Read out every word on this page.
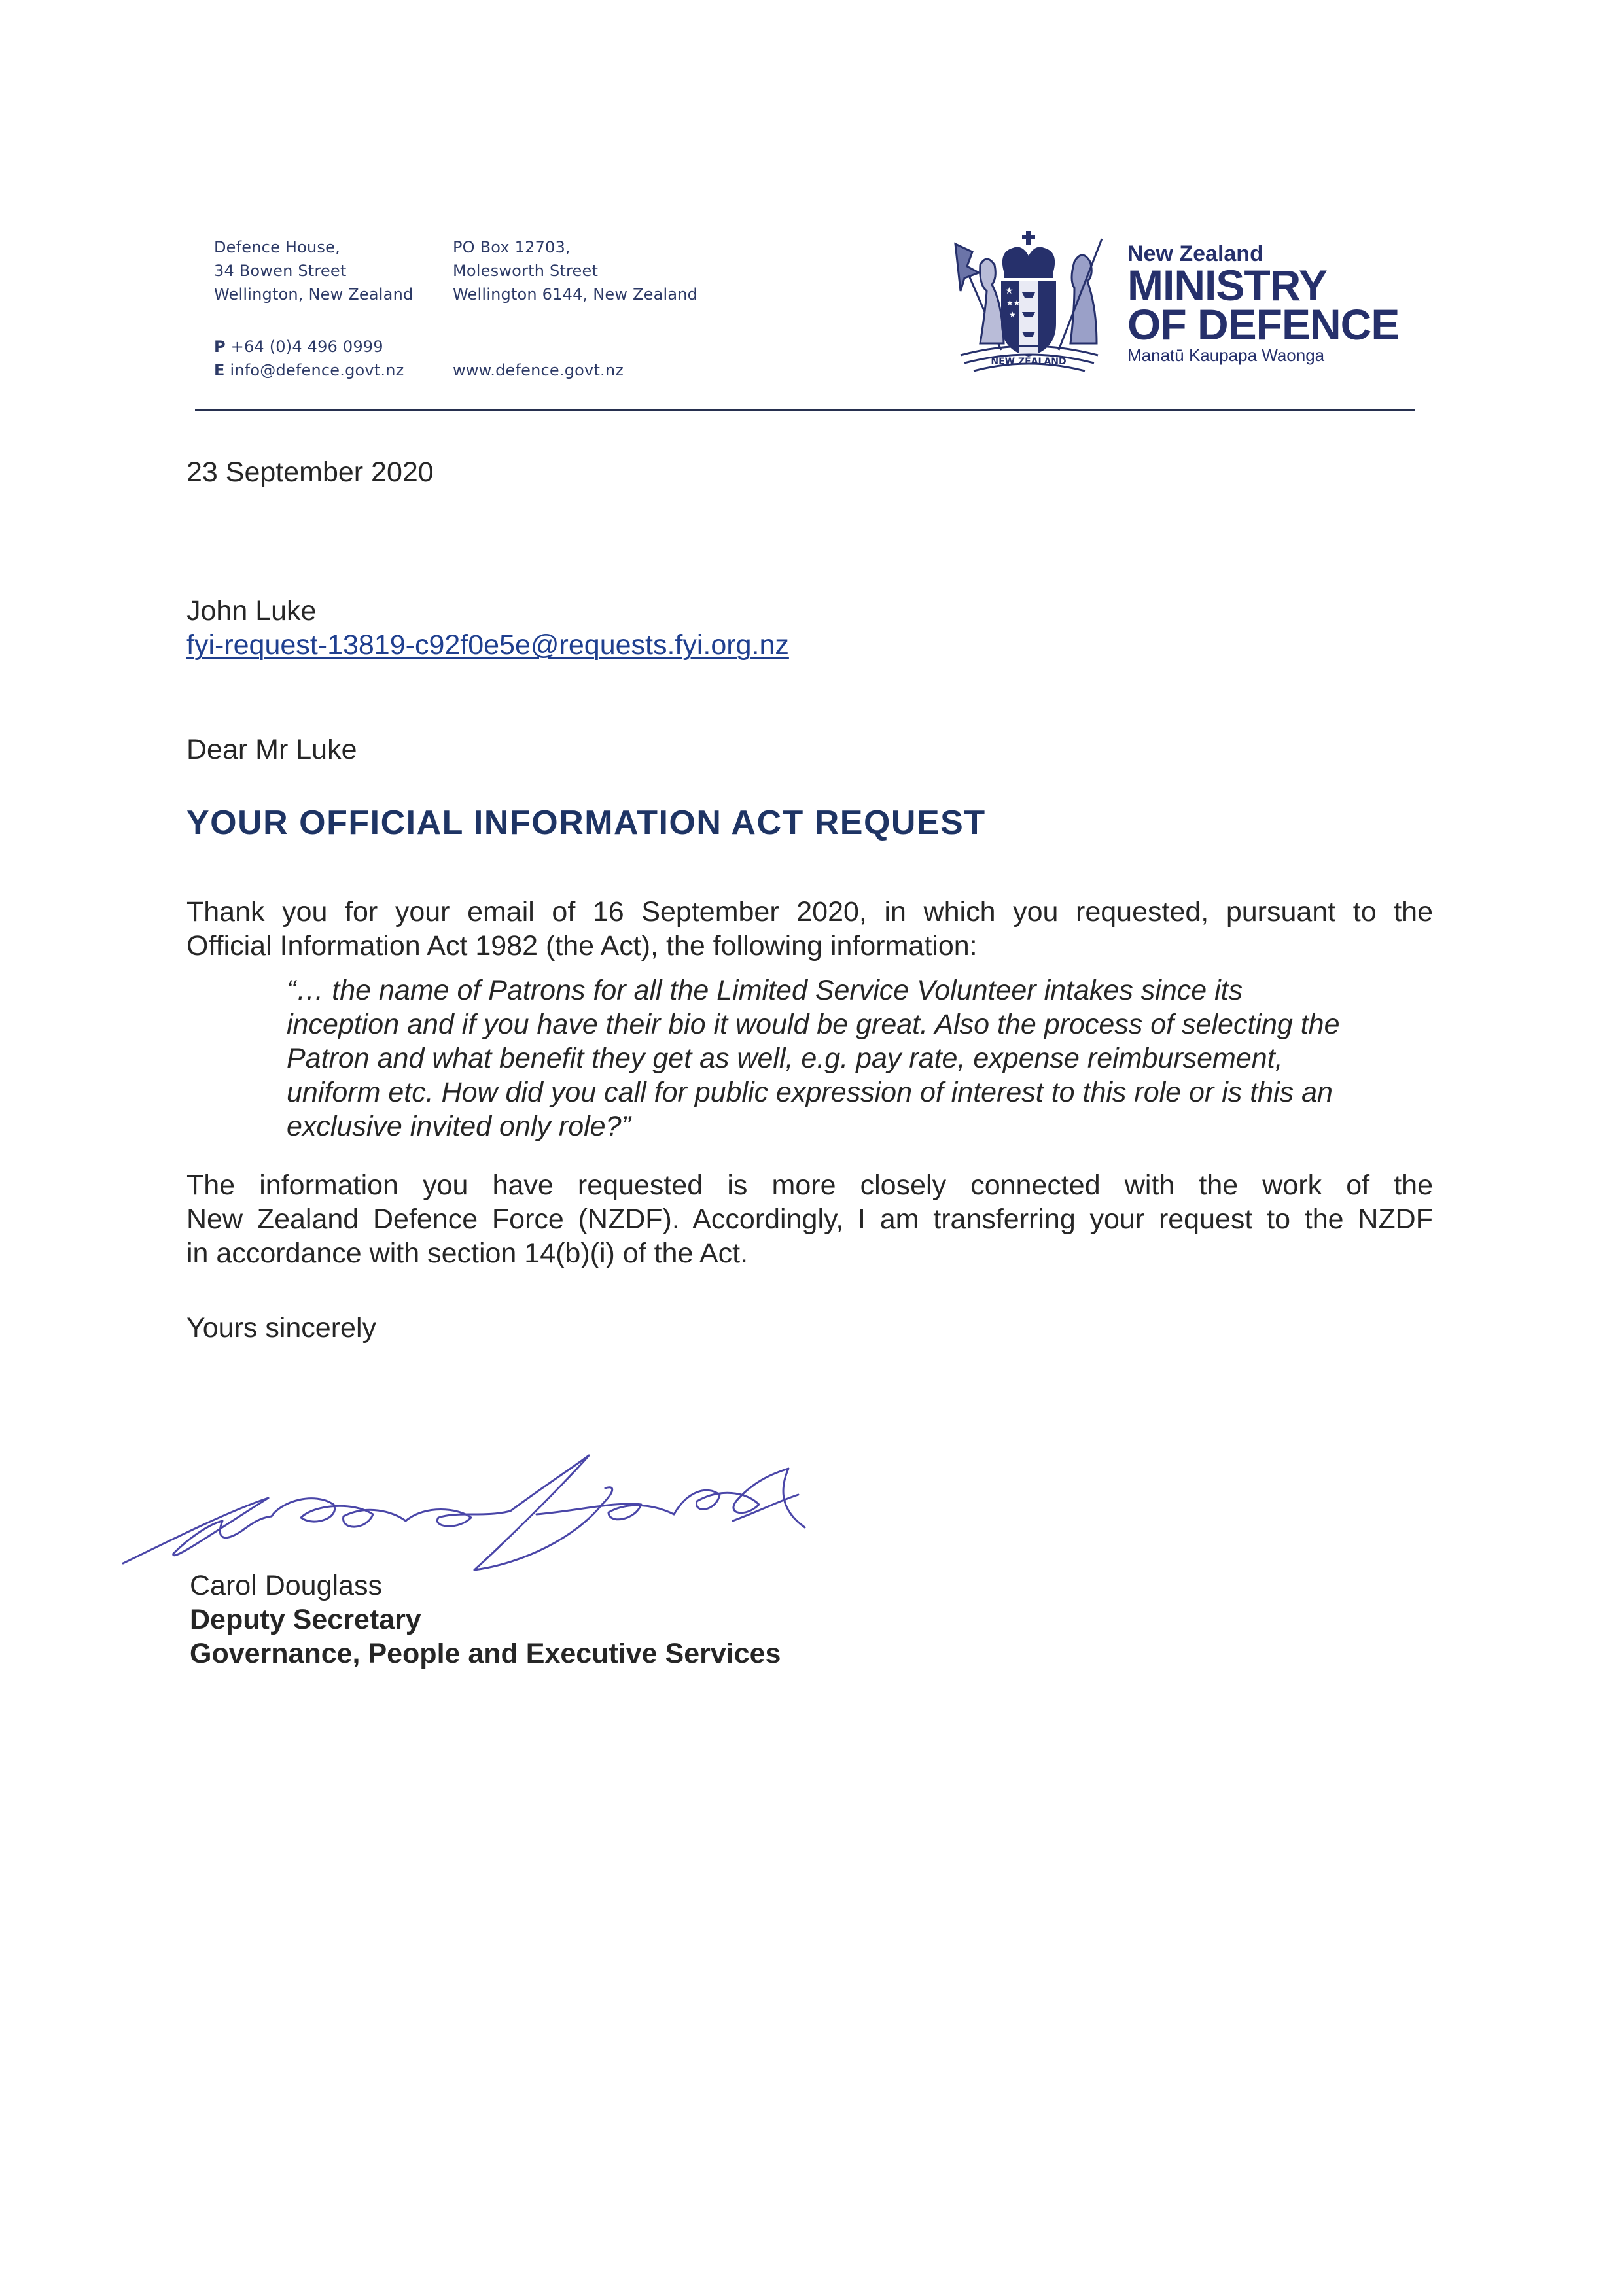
Defence House,
34 Bowen Street
Wellington, New Zealand
PO Box 12703,
Molesworth Street
Wellington 6144, New Zealand
P +64 (0)4 496 0999
E info@defence.govt.nz	www.defence.govt.nz
★
★★
★
NEW ZEALAND
New Zealand
MINISTRY
OF DEFENCE
Manatū Kaupapa Waonga
23 September 2020
John Luke
fyi-request-13819-c92f0e5e@requests.fyi.org.nz
Dear Mr Luke
YOUR OFFICIAL INFORMATION ACT REQUEST
Thank you for your email of 16 September 2020, in which you requested, pursuant to the
Official Information Act 1982 (the Act), the following information:
“… the name of Patrons for all the Limited Service Volunteer intakes since its
inception and if you have their bio it would be great. Also the process of selecting the
Patron and what benefit they get as well, e.g. pay rate, expense reimbursement,
uniform etc. How did you call for public expression of interest to this role or is this an
exclusive invited only role?”
The information you have requested is more closely connected with the work of the
New Zealand Defence Force (NZDF). Accordingly, I am transferring your request to the NZDF
in accordance with section 14(b)(i) of the Act.
Yours sincerely
Carol Douglass
Deputy Secretary
Governance, People and Executive Services
